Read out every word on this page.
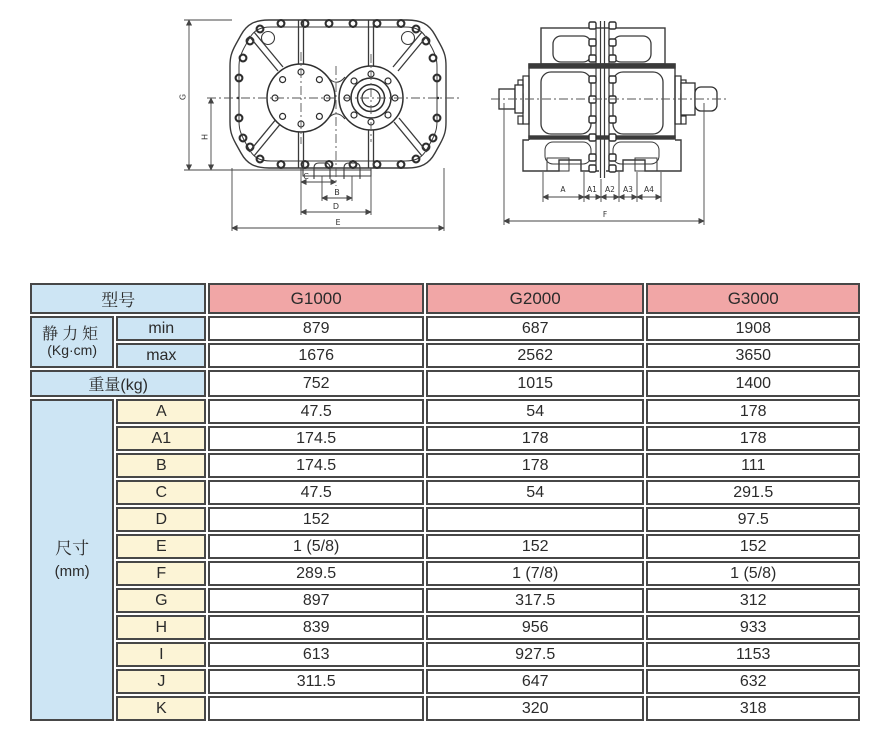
G
H
C
B
D
E
A	A1 A2 A3 A4
F
型号		G1000	G2000	G3000

静力矩
(Kg·cm)	min	879	687	1908
	max	1676	2562	3650
重量(kg)		752	1015	1400

尺寸
(mm)	A	47.5	54	178
	A1	174.5	178	178
	B	174.5	178	111
	C	47.5	54	291.5
	D	152		97.5
	E	1 (5/8)	152	152
	F	289.5	1 (7/8)	1 (5/8)
	G	897	317.5	312
	H	839	956	933
	I	613	927.5	1153
	J	311.5	647	632
	K		320	318
